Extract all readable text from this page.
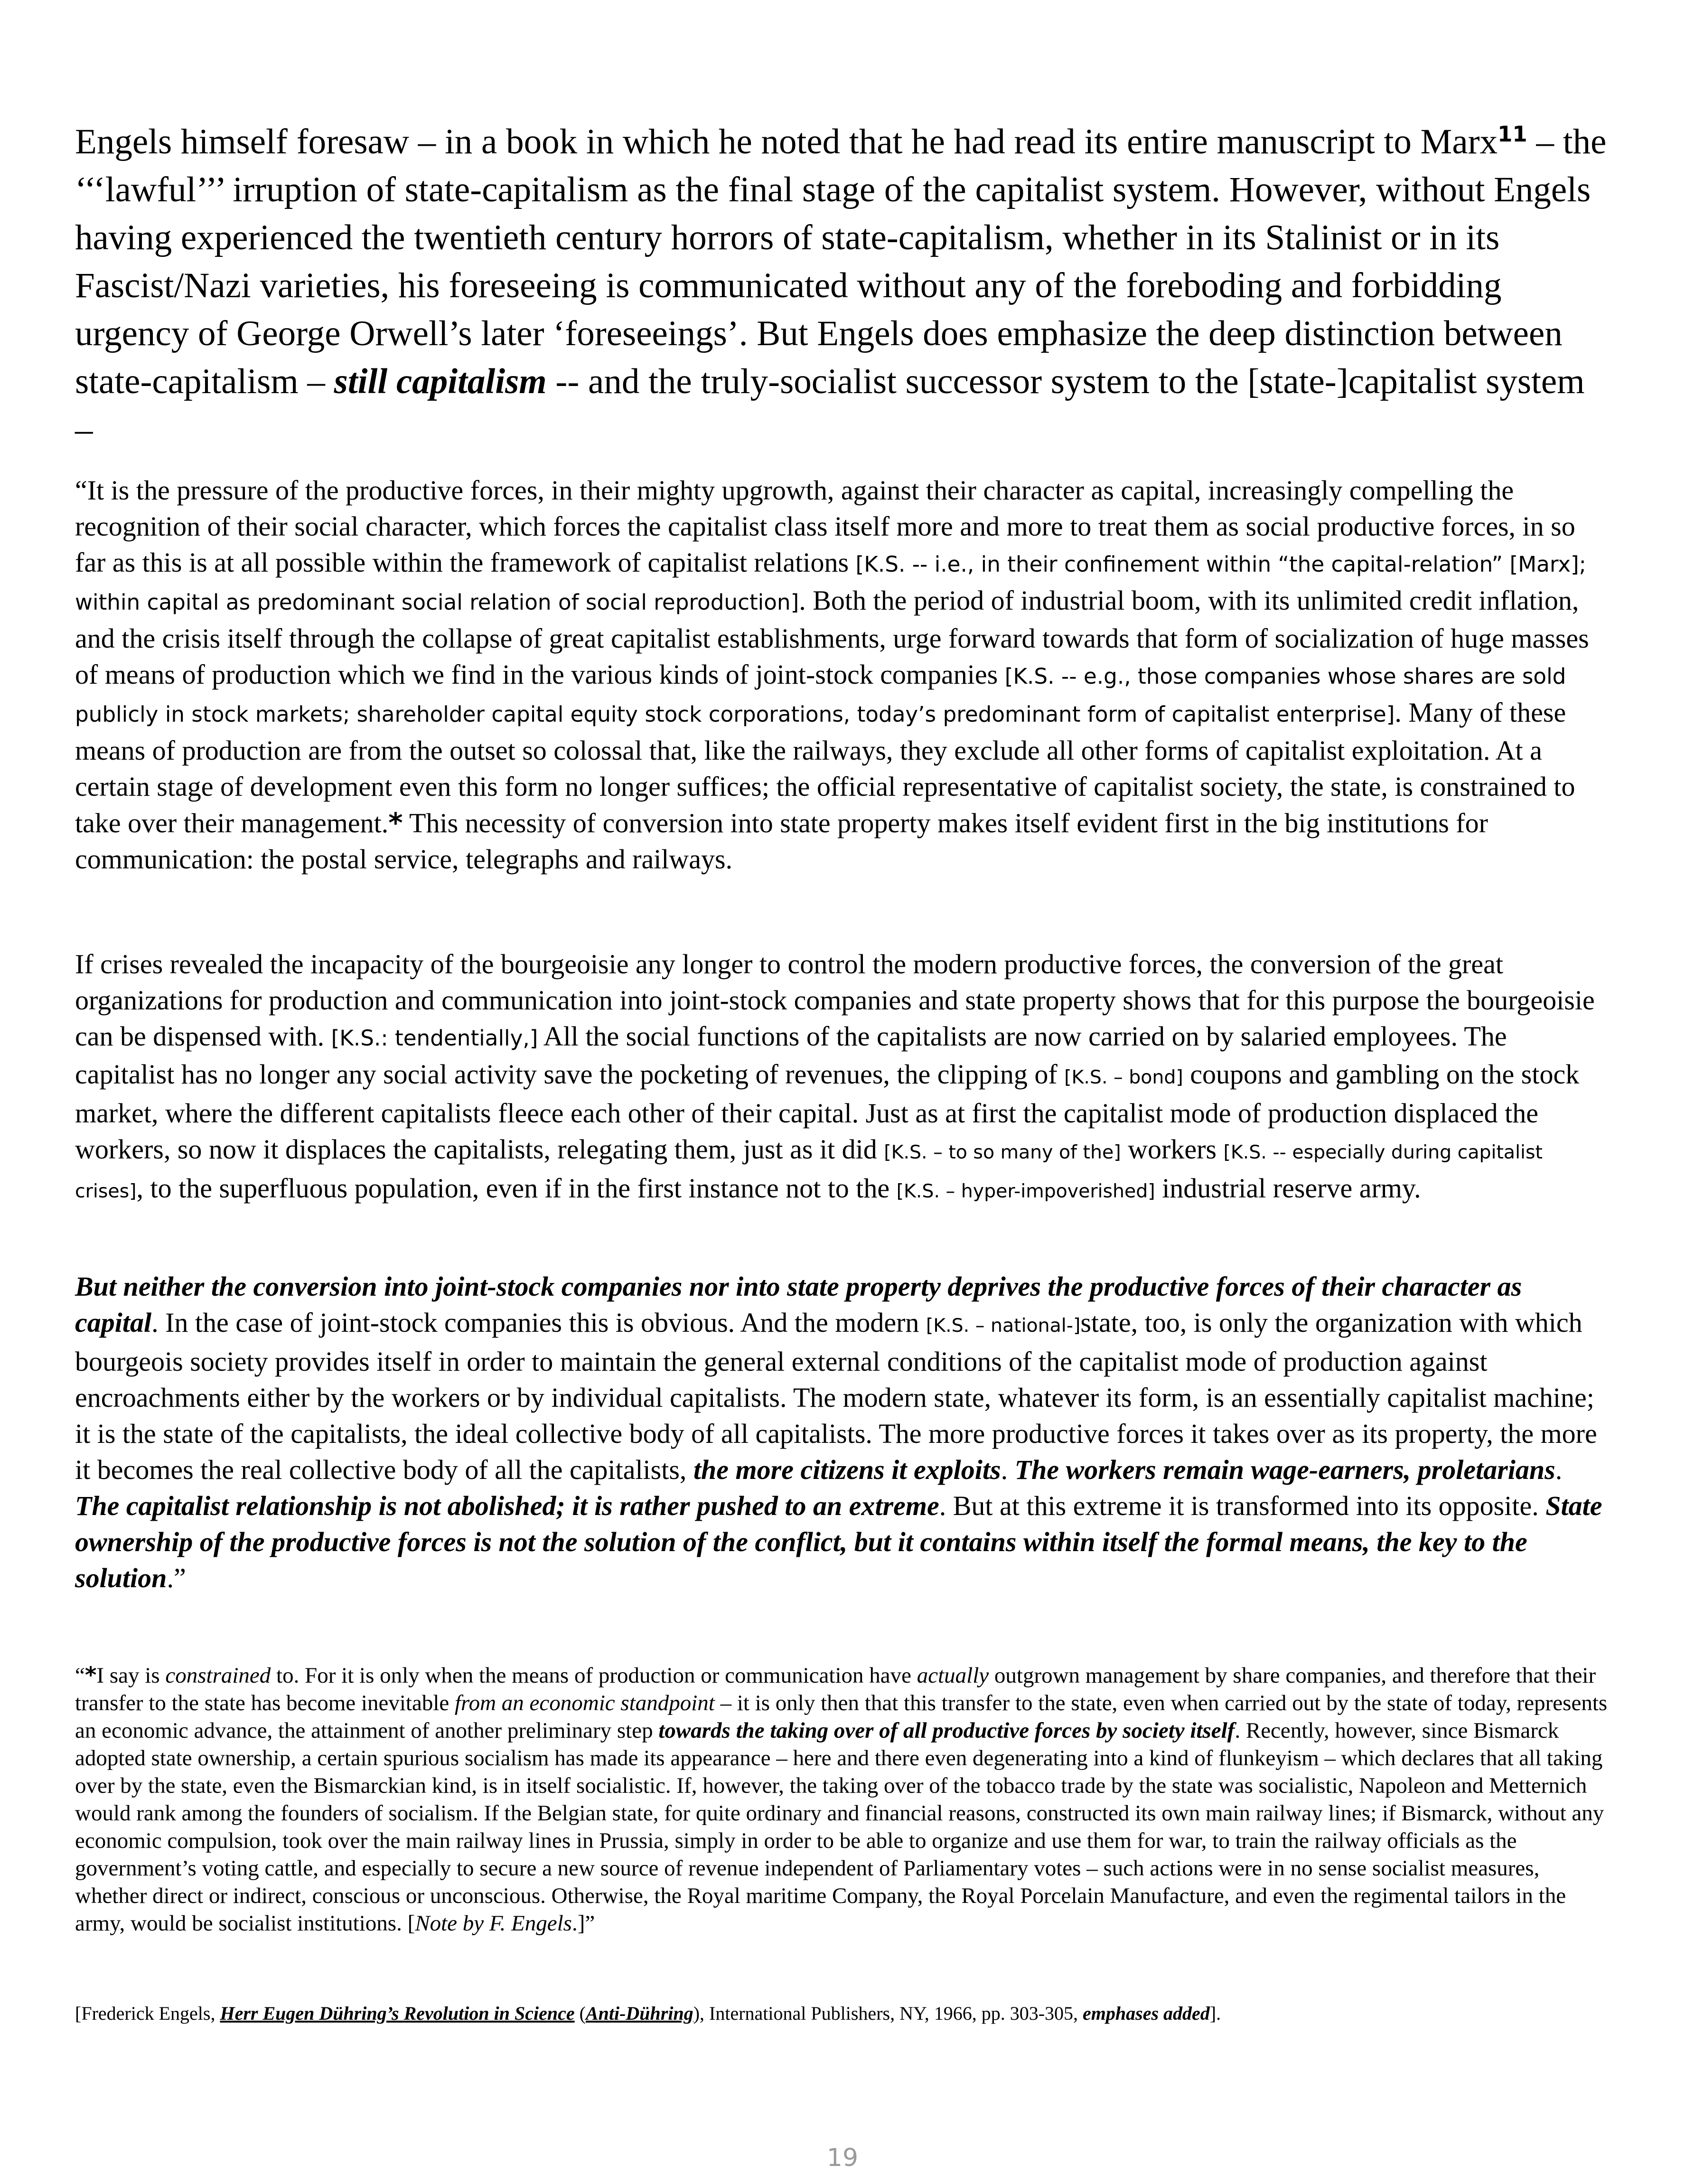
Engels himself foresaw – in a book in which he noted that he had read its entire manuscript to Marx$^{11}$ – the ‘‘‘lawful’’’ irruption of state-capitalism as the final stage of the capitalist system. However, without Engels having experienced the twentieth century horrors of state-capitalism, whether in its Stalinist or in its Fascist/Nazi varieties, his foreseeing is communicated without any of the foreboding and forbidding urgency of George Orwell’s later ‘foreseeings’. But Engels does emphasize the deep distinction between state-capitalism – still capitalism -- and the truly-socialist successor system to the [state-]capitalist system –

“It is the pressure of the productive forces, in their mighty upgrowth, against their character as capital, increasingly compelling the recognition of their social character, which forces the capitalist class itself more and more to treat them as social productive forces, in so far as this is at all possible within the framework of capitalist relations [K.S. -- i.e., in their confinement within “the capital-relation” [Marx]; within capital as predominant social relation of social reproduction]. Both the period of industrial boom, with its unlimited credit inflation, and the crisis itself through the collapse of great capitalist establishments, urge forward towards that form of socialization of huge masses of means of production which we find in the various kinds of joint-stock companies [K.S. -- e.g., those companies whose shares are sold publicly in stock markets; shareholder capital equity stock corporations, today’s predominant form of capitalist enterprise]. Many of these means of production are from the outset so colossal that, like the railways, they exclude all other forms of capitalist exploitation. At a certain stage of development even this form no longer suffices; the official representative of capitalist society, the state, is constrained to take over their management.* This necessity of conversion into state property makes itself evident first in the big institutions for communication: the postal service, telegraphs and railways.

If crises revealed the incapacity of the bourgeoisie any longer to control the modern productive forces, the conversion of the great organizations for production and communication into joint-stock companies and state property shows that for this purpose the bourgeoisie can be dispensed with. [K.S.: tendentially,] All the social functions of the capitalists are now carried on by salaried employees. The capitalist has no longer any social activity save the pocketing of revenues, the clipping of [K.S. – bond] coupons and gambling on the stock market, where the different capitalists fleece each other of their capital. Just as at first the capitalist mode of production displaced the workers, so now it displaces the capitalists, relegating them, just as it did [K.S. – to so many of the] workers [K.S. -- especially during capitalist crises], to the superfluous population, even if in the first instance not to the [K.S. – hyper-impoverished] industrial reserve army.

But neither the conversion into joint-stock companies nor into state property deprives the productive forces of their character as capital. In the case of joint-stock companies this is obvious. And the modern [K.S. – national-]state, too, is only the organization with which bourgeois society provides itself in order to maintain the general external conditions of the capitalist mode of production against encroachments either by the workers or by individual capitalists. The modern state, whatever its form, is an essentially capitalist machine; it is the state of the capitalists, the ideal collective body of all capitalists. The more productive forces it takes over as its property, the more it becomes the real collective body of all the capitalists, the more citizens it exploits. The workers remain wage-earners, proletarians. The capitalist relationship is not abolished; it is rather pushed to an extreme. But at this extreme it is transformed into its opposite. State ownership of the productive forces is not the solution of the conflict, but it contains within itself the formal means, the key to the solution.”

“*I say is constrained to. For it is only when the means of production or communication have actually outgrown management by share companies, and therefore that their transfer to the state has become inevitable from an economic standpoint – it is only then that this transfer to the state, even when carried out by the state of today, represents an economic advance, the attainment of another preliminary step towards the taking over of all productive forces by society itself. Recently, however, since Bismarck adopted state ownership, a certain spurious socialism has made its appearance – here and there even degenerating into a kind of flunkeyism – which declares that all taking over by the state, even the Bismarckian kind, is in itself socialistic. If, however, the taking over of the tobacco trade by the state was socialistic, Napoleon and Metternich would rank among the founders of socialism. If the Belgian state, for quite ordinary and financial reasons, constructed its own main railway lines; if Bismarck, without any economic compulsion, took over the main railway lines in Prussia, simply in order to be able to organize and use them for war, to train the railway officials as the government’s voting cattle, and especially to secure a new source of revenue independent of Parliamentary votes – such actions were in no sense socialist measures, whether direct or indirect, conscious or unconscious. Otherwise, the Royal maritime Company, the Royal Porcelain Manufacture, and even the regimental tailors in the army, would be socialist institutions. [Note by F. Engels.]”

[Frederick Engels, Herr Eugen Dühring’s Revolution in Science (Anti-Dühring), International Publishers, NY, 1966, pp. 303-305, emphases added].

19
